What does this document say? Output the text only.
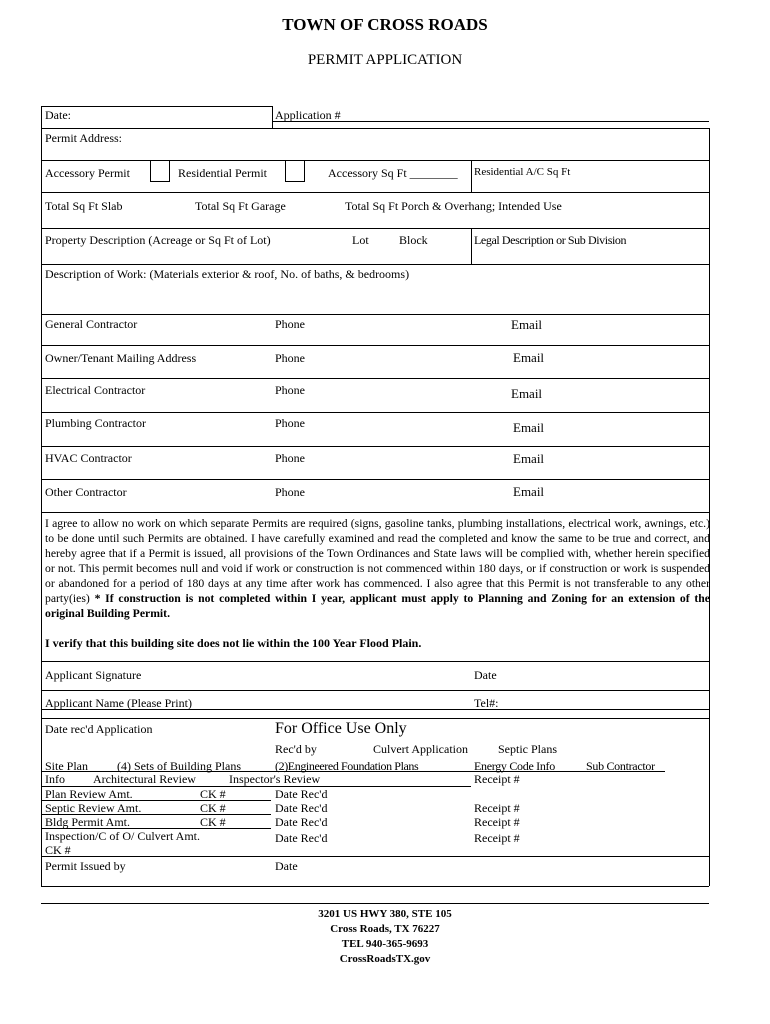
TOWN OF CROSS ROADS
PERMIT APPLICATION
Date:	Application #
Permit Address:
Accessory Permit	Residential Permit	Accessory Sq Ft ________ Residential A/C Sq Ft
Total Sq Ft Slab	Total Sq Ft Garage	Total Sq Ft Porch & Overhang; Intended Use
Property Description (Acreage or Sq Ft of Lot)	Lot	Block	Legal Description or Sub Division
Description of Work: (Materials exterior & roof, No. of baths, & bedrooms)
General Contractor	Phone	Email
Owner/Tenant Mailing Address	Phone	Email
Electrical Contractor	Phone	Email
Plumbing Contractor	Phone	Email
HVAC Contractor	Phone	Email
Other Contractor	Phone	Email
I agree to allow no work on which separate Permits are required (signs, gasoline tanks, plumbing installations, electrical work, awnings, etc.) to be done until such Permits are obtained. I have carefully examined and read the completed and know the same to be true and correct, and hereby agree that if a Permit is issued, all provisions of the Town Ordinances and State laws will be complied with, whether herein specified or not. This permit becomes null and void if work or construction is not commenced within 180 days, or if construction or work is suspended or abandoned for a period of 180 days at any time after work has commenced. I also agree that this Permit is not transferable to any other party(ies) * If construction is not completed within I year, applicant must apply to Planning and Zoning for an extension of the original Building Permit.
I verify that this building site does not lie within the 100 Year Flood Plain.
Applicant Signature	Date
Applicant Name (Please Print)	Tel#:
Date rec'd Application	For Office Use Only
Rec'd by	Culvert Application	Septic Plans
Site Plan (4) Sets of Building Plans	(2)Engineered Foundation Plans	Energy Code Info	Sub Contractor
Info Architectural Review	Inspector's Review	Receipt #
Plan Review Amt.	CK #	Date Rec'd
Septic Review Amt.	CK #	Date Rec'd	Receipt #
Bldg Permit Amt.	CK #	Date Rec'd	Receipt #
Inspection/C of O/ Culvert Amt.	Date Rec'd	Receipt #
CK #
Permit Issued by	Date
3201 US HWY 380, STE 105
Cross Roads, TX 76227
TEL 940-365-9693
CrossRoadsTX.gov
